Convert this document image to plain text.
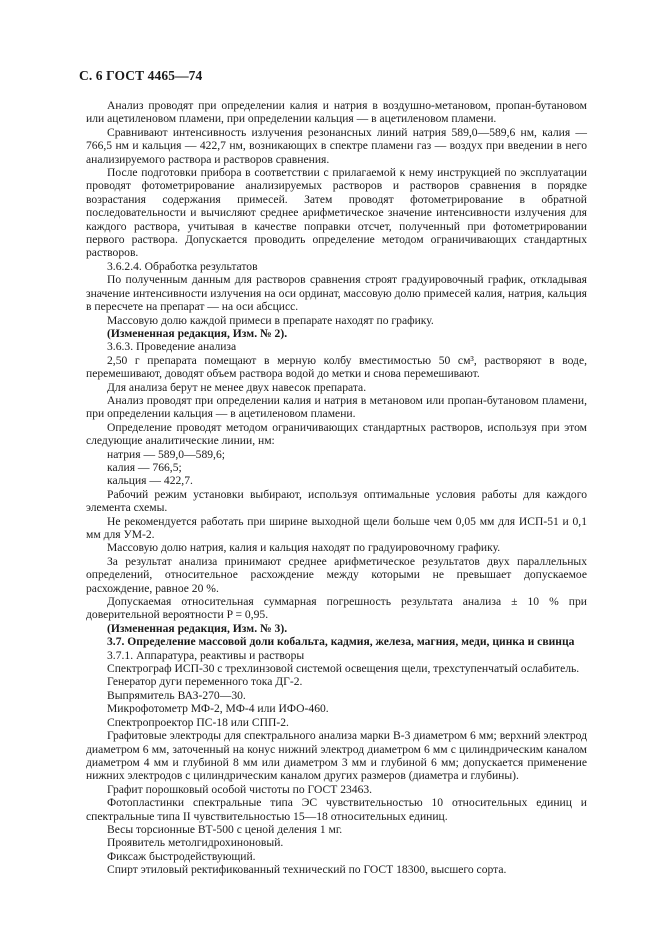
С. 6 ГОСТ 4465—74

Анализ проводят при определении калия и натрия в воздушно-метановом, пропан-бутановом или ацетиленовом пламени, при определении кальция — в ацетиленовом пламени.

Сравнивают интенсивность излучения резонансных линий натрия 589,0—589,6 нм, калия — 766,5 нм и кальция — 422,7 нм, возникающих в спектре пламени газ — воздух при введении в него анализируемого раствора и растворов сравнения.

После подготовки прибора в соответствии с прилагаемой к нему инструкцией по эксплуатации проводят фотометрирование анализируемых растворов и растворов сравнения в порядке возрастания содержания примесей. Затем проводят фотометрирование в обратной последовательности и вычисляют среднее арифметическое значение интенсивности излучения для каждого раствора, учитывая в качестве поправки отсчет, полученный при фотометрировании первого раствора. Допускается проводить определение методом ограничивающих стандартных растворов.

3.6.2.4. Обработка результатов

По полученным данным для растворов сравнения строят градуировочный график, откладывая значение интенсивности излучения на оси ординат, массовую долю примесей калия, натрия, кальция в пересчете на препарат — на оси абсцисс.

Массовую долю каждой примеси в препарате находят по графику.

(Измененная редакция, Изм. № 2).

3.6.3. Проведение анализа

2,50 г препарата помещают в мерную колбу вместимостью 50 см³, растворяют в воде, перемешивают, доводят объем раствора водой до метки и снова перемешивают.

Для анализа берут не менее двух навесок препарата.

Анализ проводят при определении калия и натрия в метановом или пропан-бутановом пламени, при определении кальция — в ацетиленовом пламени.

Определение проводят методом ограничивающих стандартных растворов, используя при этом следующие аналитические линии, нм:

натрия — 589,0—589,6;

калия — 766,5;

кальция — 422,7.

Рабочий режим установки выбирают, используя оптимальные условия работы для каждого элемента схемы.

Не рекомендуется работать при ширине выходной щели больше чем 0,05 мм для ИСП-51 и 0,1 мм для УМ-2.

Массовую долю натрия, калия и кальция находят по градуировочному графику.

За результат анализа принимают среднее арифметическое результатов двух параллельных определений, относительное расхождение между которыми не превышает допускаемое расхождение, равное 20 %.

Допускаемая относительная суммарная погрешность результата анализа ± 10 % при доверительной вероятности P = 0,95.

(Измененная редакция, Изм. № 3).

3.7. Определение массовой доли кобальта, кадмия, железа, магния, меди, цинка и свинца

3.7.1. Аппаратура, реактивы и растворы

Спектрограф ИСП-30 с трехлинзовой системой освещения щели, трехступенчатый ослабитель.

Генератор дуги переменного тока ДГ-2.

Выпрямитель ВАЗ-270—30.

Микрофотометр МФ-2, МФ-4 или ИФО-460.

Спектропроектор ПС-18 или СПП-2.

Графитовые электроды для спектрального анализа марки В-3 диаметром 6 мм; верхний электрод диаметром 6 мм, заточенный на конус нижний электрод диаметром 6 мм с цилиндрическим каналом диаметром 4 мм и глубиной 8 мм или диаметром 3 мм и глубиной 6 мм; допускается применение нижних электродов с цилиндрическим каналом других размеров (диаметра и глубины).

Графит порошковый особой чистоты по ГОСТ 23463.

Фотопластинки спектральные типа ЭС чувствительностью 10 относительных единиц и спектральные типа II чувствительностью 15—18 относительных единиц.

Весы торсионные ВТ-500 с ценой деления 1 мг.

Проявитель метолгидрохиноновый.

Фиксаж быстродействующий.

Спирт этиловый ректификованный технический по ГОСТ 18300, высшего сорта.
